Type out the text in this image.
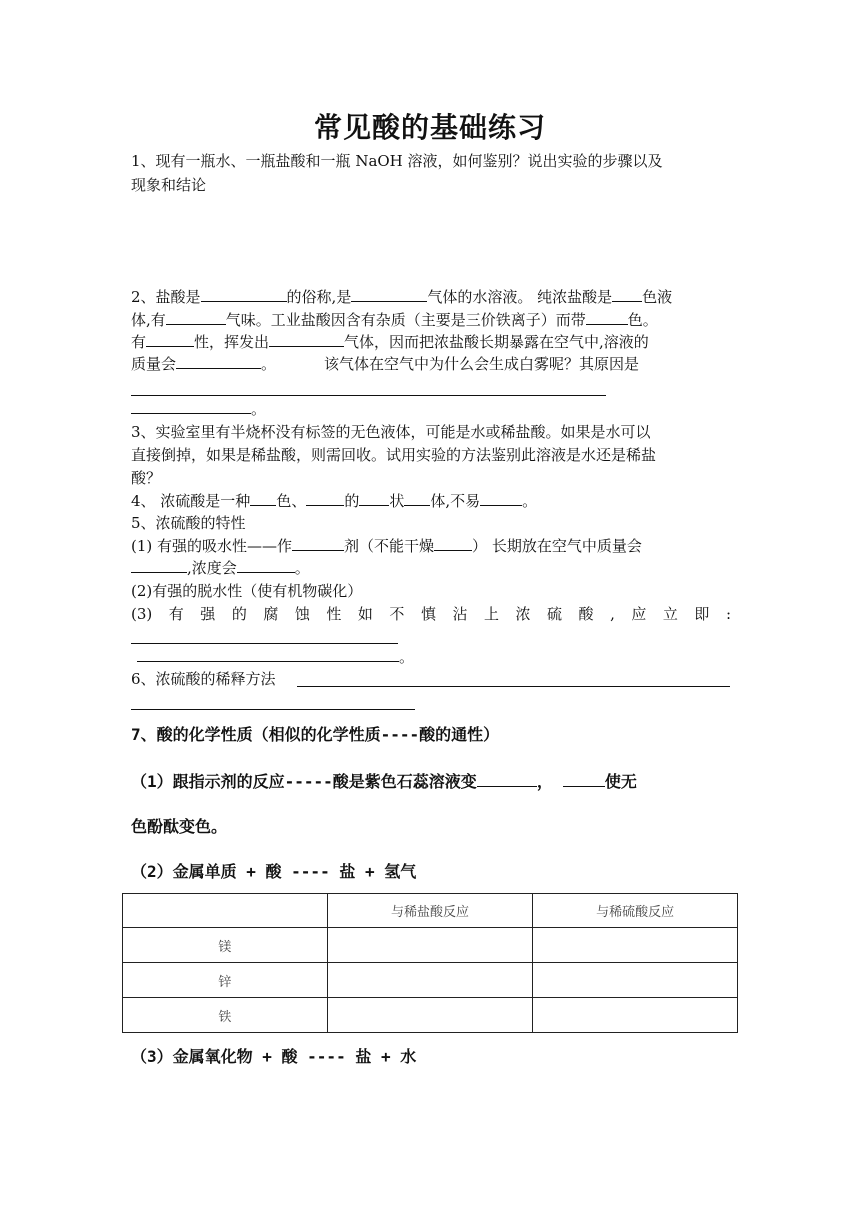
常见酸的基础练习
1、现有一瓶水、一瓶盐酸和一瓶 NaOH 溶液，如何鉴别？说出实验的步骤以及
现象和结论
2、盐酸是	的俗称,是	气体的水溶液。 纯浓盐酸是 色液
体,有	气味。工业盐酸因含有杂质（主要是三价铁离子）而带	色。
有	性，挥发出	气体，因而把浓盐酸长期暴露在空气中,溶液的
质量会	。	该气体在空气中为什么会生成白雾呢？其原因是
。
3、实验室里有半烧杯没有标签的无色液体，可能是水或稀盐酸。如果是水可以
直接倒掉，如果是稀盐酸，则需回收。试用实验的方法鉴别此溶液是水还是稀盐
酸？
4、 浓硫酸是一种 色、	的 状 体,不易	。
5、浓硫酸的特性
(1) 有强的吸水性——作	剂（不能干燥	） 长期放在空气中质量会
,浓度会	。
(2)有强的脱水性（使有机物碳化）
(3)有强的腐蚀性如不慎沾上浓硫酸,应立即:
。
6、浓硫酸的稀释方法
7、酸的化学性质（相似的化学性质----酸的通性）
（1）跟指示剂的反应-----酸是紫色石蕊溶液变	，	使无
色酚酞变色。
（2）金属单质 + 酸 ---- 盐 + 氢气
	与稀盐酸反应	与稀硫酸反应
镁		
锌		
铁		
（3）金属氧化物 + 酸 ---- 盐 + 水
